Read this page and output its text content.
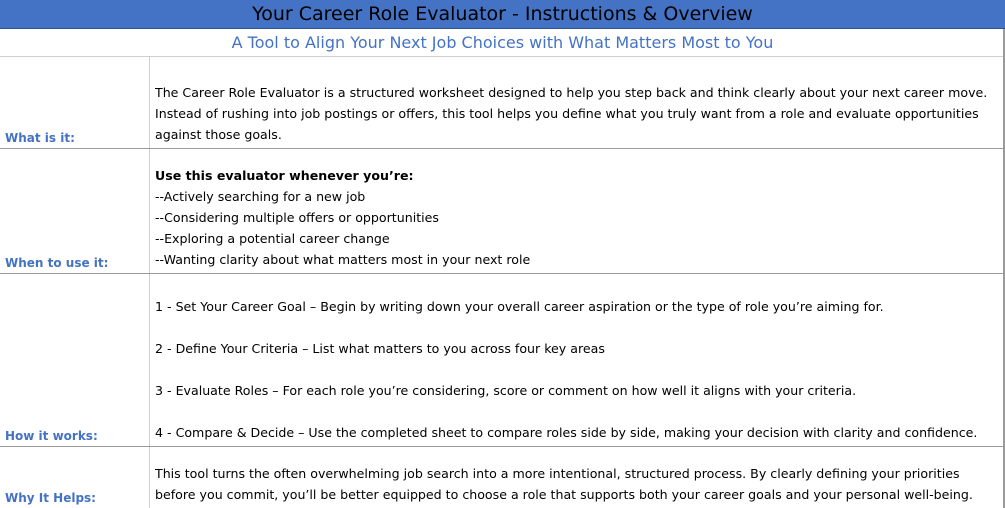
Your Career Role Evaluator - Instructions & Overview
A Tool to Align Your Next Job Choices with What Matters Most to You
What is it:
The Career Role Evaluator is a structured worksheet designed to help you step back and think clearly about your next career move.
Instead of rushing into job postings or offers, this tool helps you define what you truly want from a role and evaluate opportunities
against those goals.
When to use it:
Use this evaluator whenever you’re:
--Actively searching for a new job
--Considering multiple offers or opportunities
--Exploring a potential career change
--Wanting clarity about what matters most in your next role
How it works:
1 - Set Your Career Goal – Begin by writing down your overall career aspiration or the type of role you’re aiming for.
2 - Define Your Criteria – List what matters to you across four key areas
3 - Evaluate Roles – For each role you’re considering, score or comment on how well it aligns with your criteria.
4 - Compare & Decide – Use the completed sheet to compare roles side by side, making your decision with clarity and confidence.
Why It Helps:
This tool turns the often overwhelming job search into a more intentional, structured process. By clearly defining your priorities
before you commit, you’ll be better equipped to choose a role that supports both your career goals and your personal well-being.
